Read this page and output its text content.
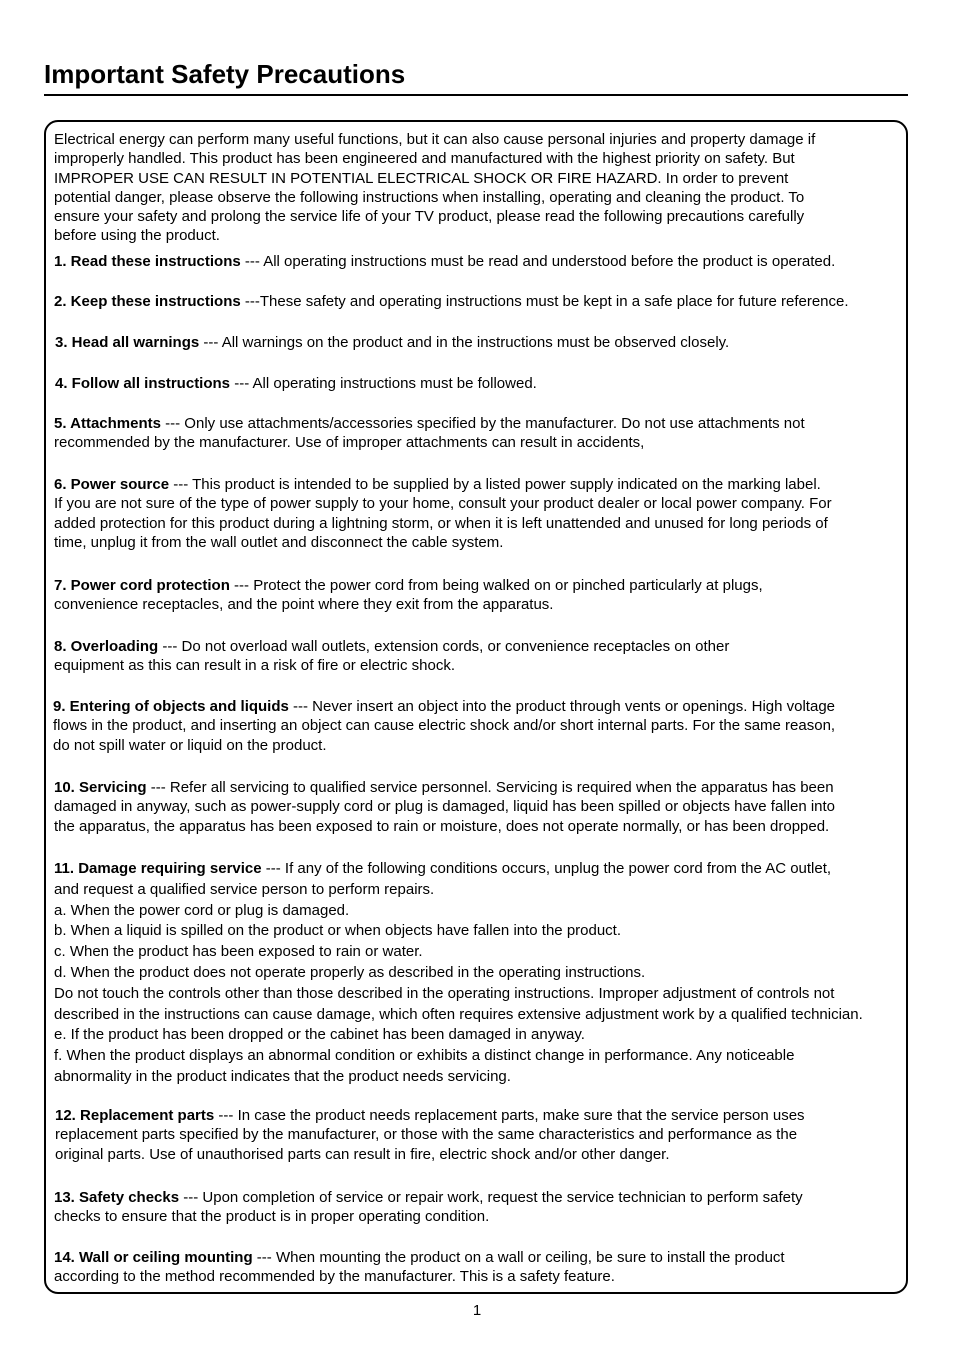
Important Safety Precautions
Electrical energy can perform many useful functions, but it can also cause personal injuries and property damage if
improperly handled. This product has been engineered and manufactured with the highest priority on safety. But
IMPROPER USE CAN RESULT IN POTENTIAL ELECTRICAL SHOCK OR FIRE HAZARD. In order to prevent
potential danger, please observe the following instructions when installing, operating and cleaning the product. To
ensure your safety and prolong the service life of your TV product, please read the following precautions carefully
before using the product.
1. Read these instructions --- All operating instructions must be read and understood before the product is operated.
2. Keep these instructions ---These safety and operating instructions must be kept in a safe place for future reference.
3. Head all warnings --- All warnings on the product and in the instructions must be observed closely.
4. Follow all instructions --- All operating instructions must be followed.
5. Attachments --- Only use attachments/accessories specified by the manufacturer. Do not use attachments not
recommended by the manufacturer. Use of improper attachments can result in accidents,
6. Power source --- This product is intended to be supplied by a listed power supply indicated on the marking label.
If you are not sure of the type of power supply to your home, consult your product dealer or local power company. For
added protection for this product during a lightning storm, or when it is left unattended and unused for long periods of
time, unplug it from the wall outlet and disconnect the cable system.
7. Power cord protection --- Protect the power cord from being walked on or pinched particularly at plugs,
convenience receptacles, and the point where they exit from the apparatus.
8. Overloading --- Do not overload wall outlets, extension cords, or convenience receptacles on other
equipment as this can result in a risk of fire or electric shock.
9. Entering of objects and liquids --- Never insert an object into the product through vents or openings. High voltage
flows in the product, and inserting an object can cause electric shock and/or short internal parts. For the same reason,
do not spill water or liquid on the product.
10. Servicing --- Refer all servicing to qualified service personnel. Servicing is required when the apparatus has been
damaged in anyway, such as power-supply cord or plug is damaged, liquid has been spilled or objects have fallen into
the apparatus, the apparatus has been exposed to rain or moisture, does not operate normally, or has been dropped.
11. Damage requiring service --- If any of the following conditions occurs, unplug the power cord from the AC outlet,
and request a qualified service person to perform repairs.
a. When the power cord or plug is damaged.
b. When a liquid is spilled on the product or when objects have fallen into the product.
c. When the product has been exposed to rain or water.
d. When the product does not operate properly as described in the operating instructions.
Do not touch the controls other than those described in the operating instructions. Improper adjustment of controls not
described in the instructions can cause damage, which often requires extensive adjustment work by a qualified technician.
e. If the product has been dropped or the cabinet has been damaged in anyway.
f. When the product displays an abnormal condition or exhibits a distinct change in performance. Any noticeable
abnormality in the product indicates that the product needs servicing.
12. Replacement parts --- In case the product needs replacement parts, make sure that the service person uses
replacement parts specified by the manufacturer, or those with the same characteristics and performance as the
original parts. Use of unauthorised parts can result in fire, electric shock and/or other danger.
13. Safety checks --- Upon completion of service or repair work, request the service technician to perform safety
checks to ensure that the product is in proper operating condition.
14. Wall or ceiling mounting --- When mounting the product on a wall or ceiling, be sure to install the product
according to the method recommended by the manufacturer. This is a safety feature.
1
